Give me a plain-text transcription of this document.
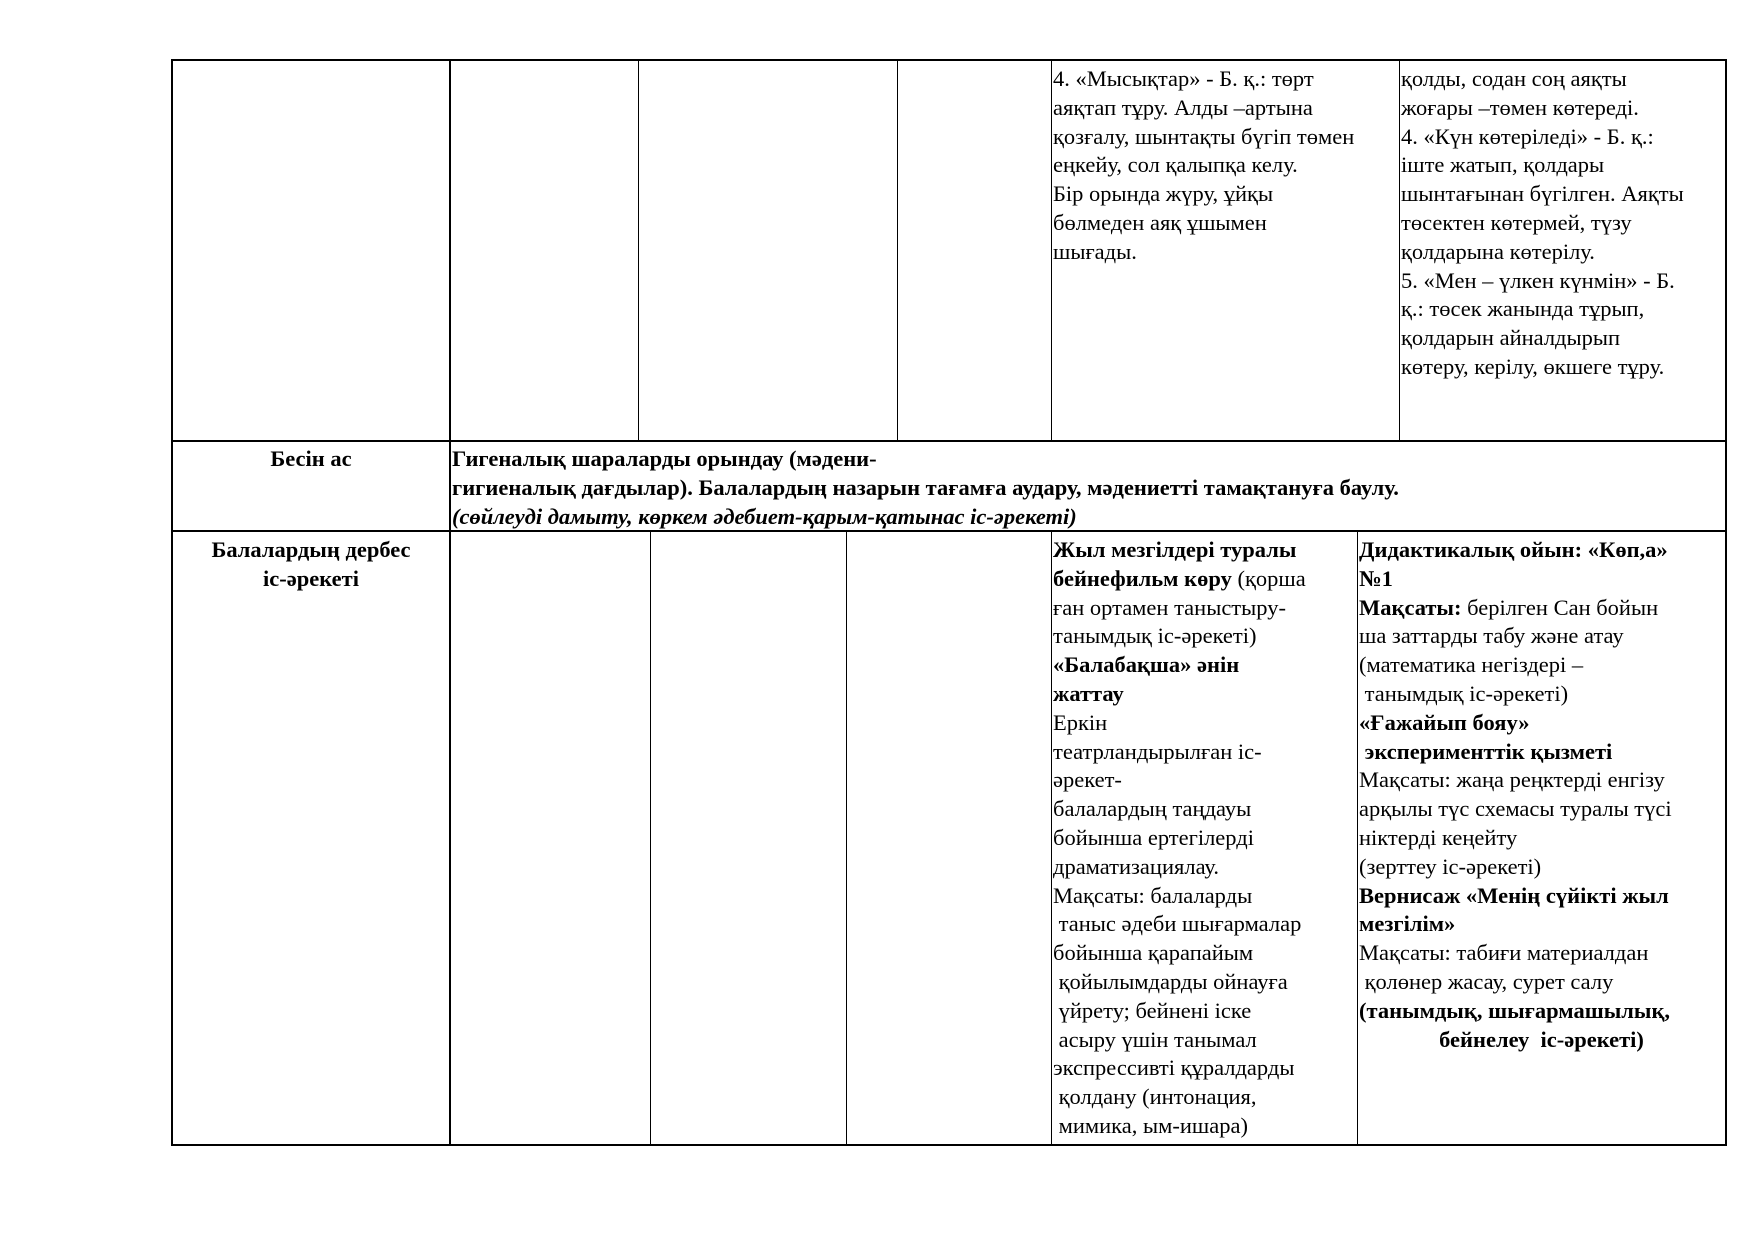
4. «Мысықтар» - Б. қ.: төрт
аяқтап тұру. Алды –артына
қозғалу, шынтақты бүгіп төмен
еңкейу, сол қалыпқа келу.
Бір орында жүру, ұйқы
бөлмеден аяқ ұшымен
шығады.
қолды, содан соң аяқты
жоғары –төмен көтереді.
4. «Күн көтеріледі» - Б. қ.:
іште жатып, қолдары
шынтағынан бүгілген. Аяқты
төсектен көтермей, түзу
қолдарына көтерілу.
5. «Мен – үлкен күнмін» - Б.
қ.: төсек жанында тұрып,
қолдарын айналдырып
көтеру, керілу, өкшеге тұру.
Бесін ас	Гигеналық шараларды орындау (мәдени-
гигиеналық дағдылар). Балалардың назарын тағамға аудару, мәдениетті тамақтануға баулу.
(сөйлеуді дамыту, көркем әдебиет-қарым-қатынас іс-әрекеті)
Балалардың дербес
іс-әрекеті
Жыл мезгілдері туралы
бейнефильм көру (қорша
ған ортамен таныстыру-
танымдық іс-әрекеті)
«Балабақша» әнін
жаттау
Еркін
театрландырылған іс-
әрекет-
балалардың таңдауы
бойынша ертегілерді
драматизациялау.
Мақсаты: балаларды
таныс әдеби шығармалар
бойынша қарапайым
қойылымдарды ойнауға
үйрету; бейнені іске
асыру үшін танымал
экспрессивті құралдарды
қолдану (интонация,
мимика, ым-ишара)
Дидактикалық ойын: «Көп,а»
№1
Мақсаты: берілген Сан бойын
ша заттарды табу және атау
(математика негіздері –
танымдық іс-әрекеті)
«Ғажайып бояу»
эксперименттік қызметі
Мақсаты: жаңа реңктерді енгізу
арқылы түс схемасы туралы түсі
ніктерді кеңейту
(зерттеу іс-әрекеті)
Вернисаж «Менің сүйікті жыл
мезгілім»
Мақсаты: табиғи материалдан
қолөнер жасау, сурет салу
(танымдық, шығармашылық,
бейнелеу  іс-әрекеті)
